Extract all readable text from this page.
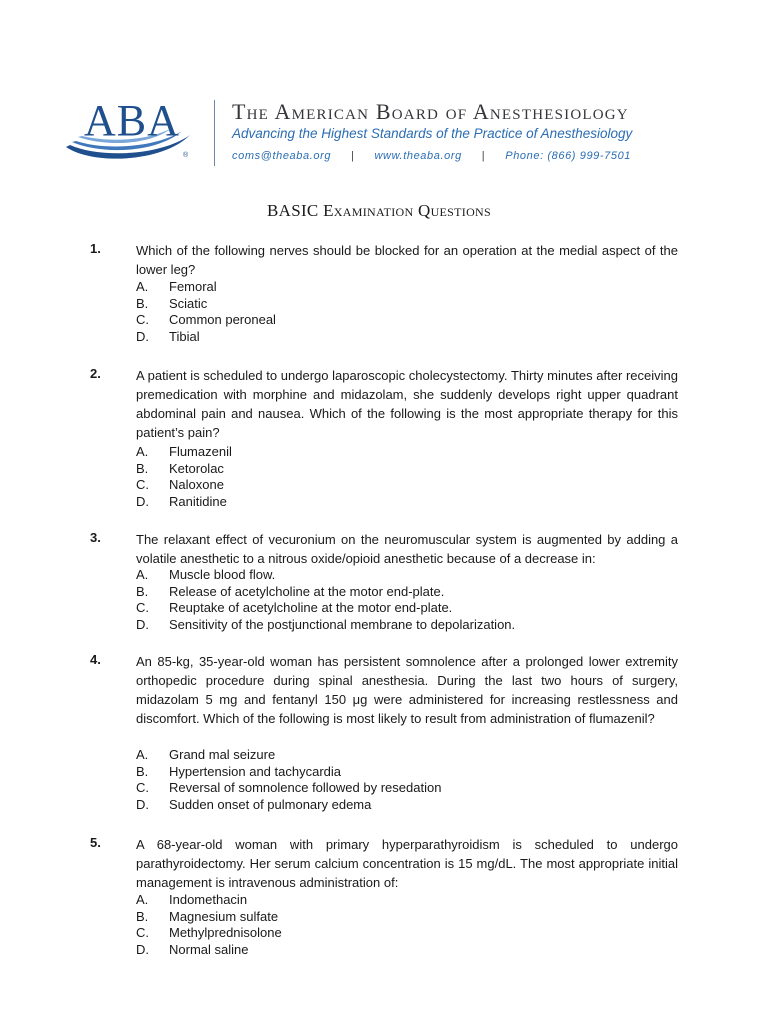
ABA
®
The American Board of Anesthesiology
Advancing the Highest Standards of the Practice of Anesthesiology
coms@theaba.org | www.theaba.org | Phone: (866) 999-7501
BASIC Examination Questions
1.	Which of the following nerves should be blocked for an operation at the medial aspect of the lower leg?
A.	Femoral
B.	Sciatic
C.	Common peroneal
D.	Tibial
2.	A patient is scheduled to undergo laparoscopic cholecystectomy. Thirty minutes after receiving premedication with morphine and midazolam, she suddenly develops right upper quadrant abdominal pain and nausea. Which of the following is the most appropriate therapy for this patient’s pain?
A.	Flumazenil
B.	Ketorolac
C.	Naloxone
D.	Ranitidine
3.	The relaxant effect of vecuronium on the neuromuscular system is augmented by adding a volatile anesthetic to a nitrous oxide/opioid anesthetic because of a decrease in:
A.	Muscle blood flow.
B.	Release of acetylcholine at the motor end-plate.
C.	Reuptake of acetylcholine at the motor end-plate.
D.	Sensitivity of the postjunctional membrane to depolarization.
4.	An 85-kg, 35-year-old woman has persistent somnolence after a prolonged lower extremity orthopedic procedure during spinal anesthesia. During the last two hours of surgery, midazolam 5 mg and fentanyl 150 μg were administered for increasing restlessness and discomfort. Which of the following is most likely to result from administration of flumazenil?
A.	Grand mal seizure
B.	Hypertension and tachycardia
C.	Reversal of somnolence followed by resedation
D.	Sudden onset of pulmonary edema
5.	A 68-year-old woman with primary hyperparathyroidism is scheduled to undergo parathyroidectomy. Her serum calcium concentration is 15 mg/dL. The most appropriate initial management is intravenous administration of:
A.	Indomethacin
B.	Magnesium sulfate
C.	Methylprednisolone
D.	Normal saline
